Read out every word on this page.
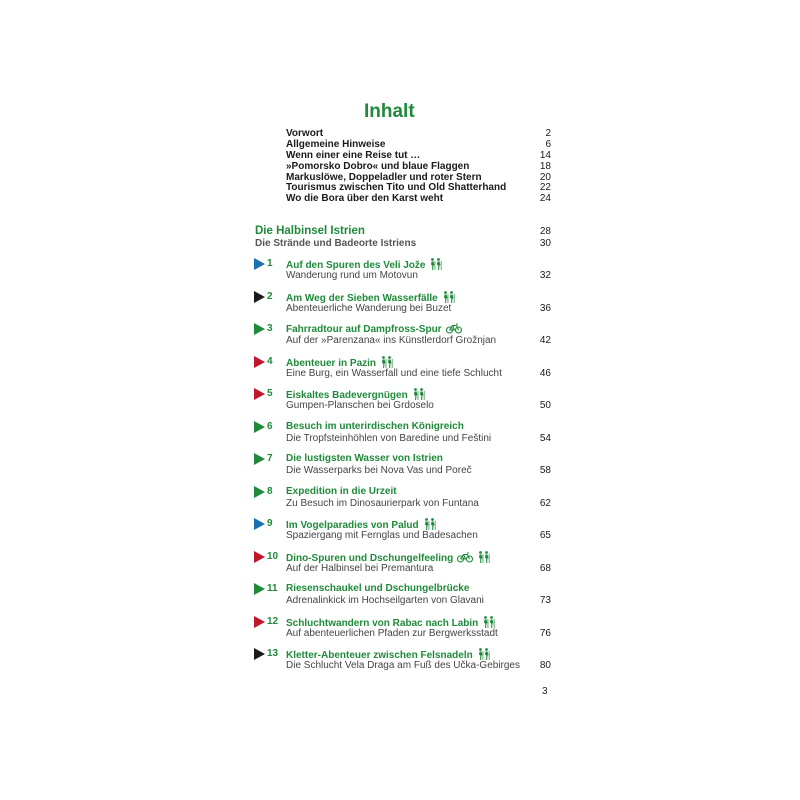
Inhalt
Vorwort	2
Allgemeine Hinweise	6
Wenn einer eine Reise tut …	14
»Pomorsko Dobro« und blaue Flaggen	18
Markuslöwe, Doppeladler und roter Stern	20
Tourismus zwischen Tito und Old Shatterhand	22
Wo die Bora über den Karst weht	24
Die Halbinsel Istrien	28
Die Strände und Badeorte Istriens	30
1	Auf den Spuren des Veli Jože
Wanderung rund um Motovun	32
2	Am Weg der Sieben Wasserfälle
Abenteuerliche Wanderung bei Buzet	36
3	Fahrradtour auf Dampfross-Spur
Auf der »Parenzana« ins Künstlerdorf Grožnjan	42
4	Abenteuer in Pazin
Eine Burg, ein Wasserfall und eine tiefe Schlucht	46
5	Eiskaltes Badevergnügen
Gumpen-Planschen bei Grdoselo	50
6	Besuch im unterirdischen Königreich
Die Tropfsteinhöhlen von Baredine und Feštini	54
7	Die lustigsten Wasser von Istrien
Die Wasserparks bei Nova Vas und Poreč	58
8	Expedition in die Urzeit
Zu Besuch im Dinosaurierpark von Funtana	62
9	Im Vogelparadies von Palud
Spaziergang mit Fernglas und Badesachen	65
10 Dino-Spuren und Dschungelfeeling
Auf der Halbinsel bei Premantura	68
11 Riesenschaukel und Dschungelbrücke
Adrenalinkick im Hochseilgarten von Glavani	73
12 Schluchtwandern von Rabac nach Labin
Auf abenteuerlichen Pfaden zur Bergwerksstadt	76
13 Kletter-Abenteuer zwischen Felsnadeln
Die Schlucht Vela Draga am Fuß des Učka-Gebirges 80
3
